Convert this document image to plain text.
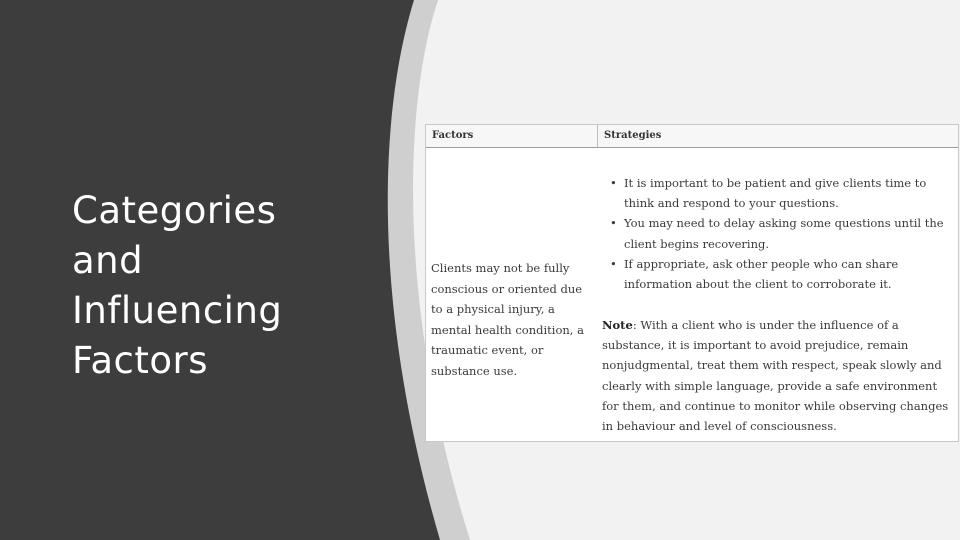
Categories
and
Influencing
Factors
Factors	Strategies
Clients may not be fully conscious or oriented due to a physical injury, a mental health condition, a traumatic event, or substance use.
• It is important to be patient and give clients time to think and respond to your questions.
• You may need to delay asking some questions until the client begins recovering.
• If appropriate, ask other people who can share information about the client to corroborate it.
Note: With a client who is under the influence of a substance, it is important to avoid prejudice, remain nonjudgmental, treat them with respect, speak slowly and clearly with simple language, provide a safe environment for them, and continue to monitor while observing changes in behaviour and level of consciousness.
